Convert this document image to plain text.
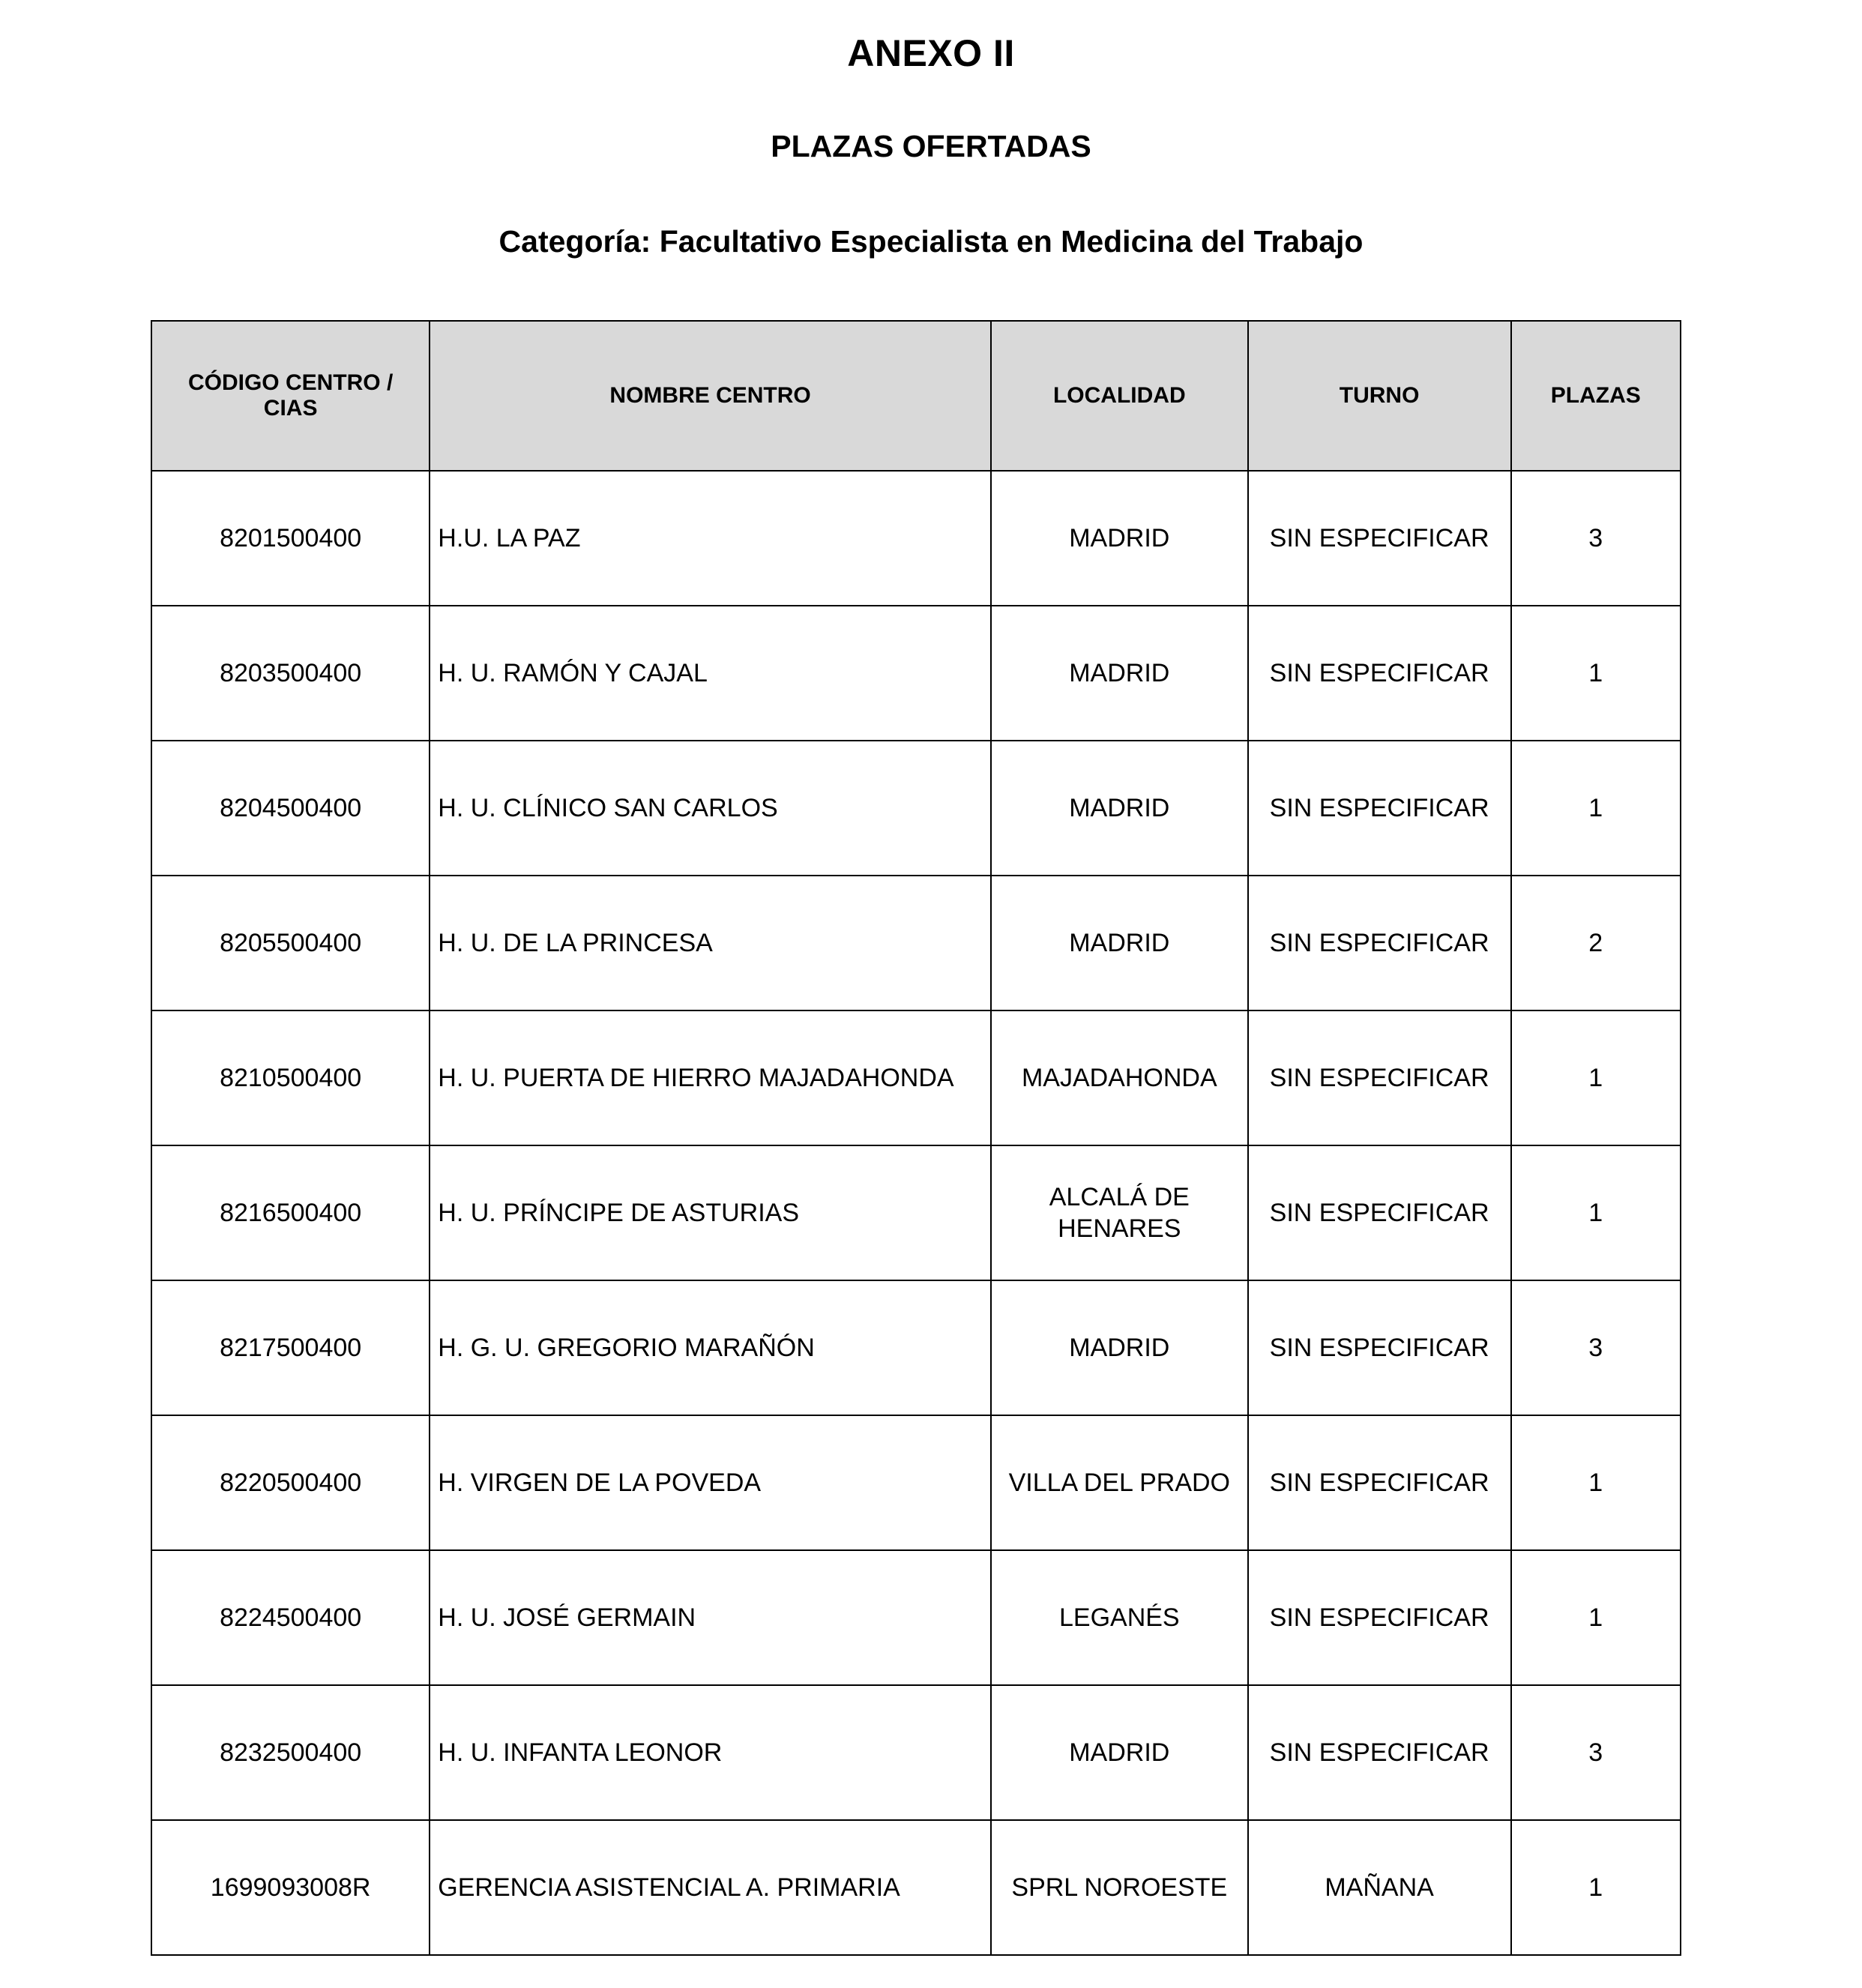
ANEXO II
PLAZAS OFERTADAS
Categoría: Facultativo Especialista en Medicina del Trabajo
CÓDIGO CENTRO / CIAS	NOMBRE CENTRO	LOCALIDAD	TURNO	PLAZAS
8201500400	H.U. LA PAZ	MADRID	SIN ESPECIFICAR	3
8203500400	H. U. RAMÓN Y CAJAL	MADRID	SIN ESPECIFICAR	1
8204500400	H. U. CLÍNICO SAN CARLOS	MADRID	SIN ESPECIFICAR	1
8205500400	H. U. DE LA PRINCESA	MADRID	SIN ESPECIFICAR	2
8210500400	H. U. PUERTA DE HIERRO MAJADAHONDA	MAJADAHONDA	SIN ESPECIFICAR	1
8216500400	H. U. PRÍNCIPE DE ASTURIAS	ALCALÁ DE HENARES	SIN ESPECIFICAR	1
8217500400	H. G. U. GREGORIO MARAÑÓN	MADRID	SIN ESPECIFICAR	3
8220500400	H. VIRGEN DE LA POVEDA	VILLA DEL PRADO	SIN ESPECIFICAR	1
8224500400	H. U. JOSÉ GERMAIN	LEGANÉS	SIN ESPECIFICAR	1
8232500400	H. U. INFANTA LEONOR	MADRID	SIN ESPECIFICAR	3
1699093008R	GERENCIA ASISTENCIAL A. PRIMARIA	SPRL NOROESTE	MAÑANA	1
